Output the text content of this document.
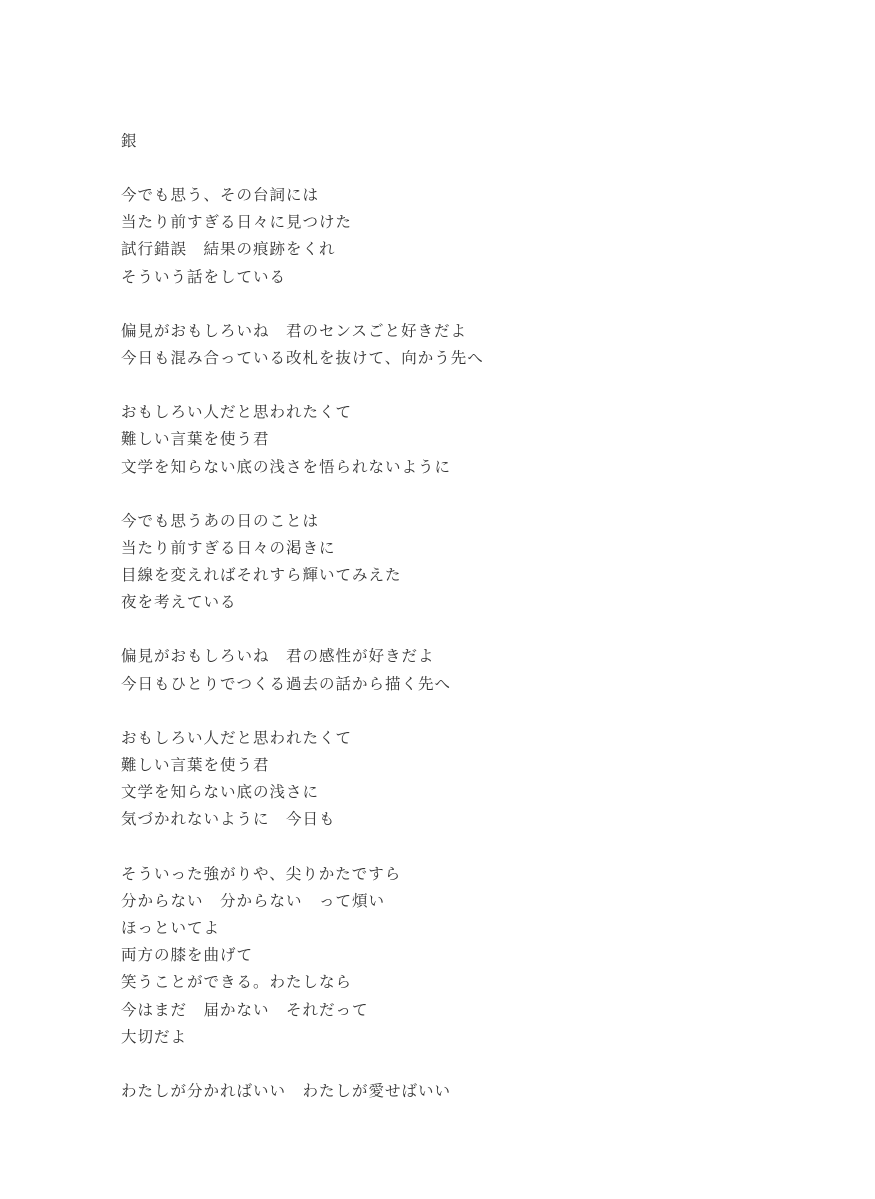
銀
今でも思う、その台詞には
当たり前すぎる日々に見つけた
試行錯誤　結果の痕跡をくれ
そういう話をしている
偏見がおもしろいね　君のセンスごと好きだよ
今日も混み合っている改札を抜けて、向かう先へ
おもしろい人だと思われたくて
難しい言葉を使う君
文学を知らない底の浅さを悟られないように
今でも思うあの日のことは
当たり前すぎる日々の渇きに
目線を変えればそれすら輝いてみえた
夜を考えている
偏見がおもしろいね　君の感性が好きだよ
今日もひとりでつくる過去の話から描く先へ
おもしろい人だと思われたくて
難しい言葉を使う君
文学を知らない底の浅さに
気づかれないように　今日も
そういった強がりや、尖りかたですら
分からない　分からない　って煩い
ほっといてよ
両方の膝を曲げて
笑うことができる。わたしなら
今はまだ　届かない　それだって
大切だよ
わたしが分かればいい　わたしが愛せばいい
